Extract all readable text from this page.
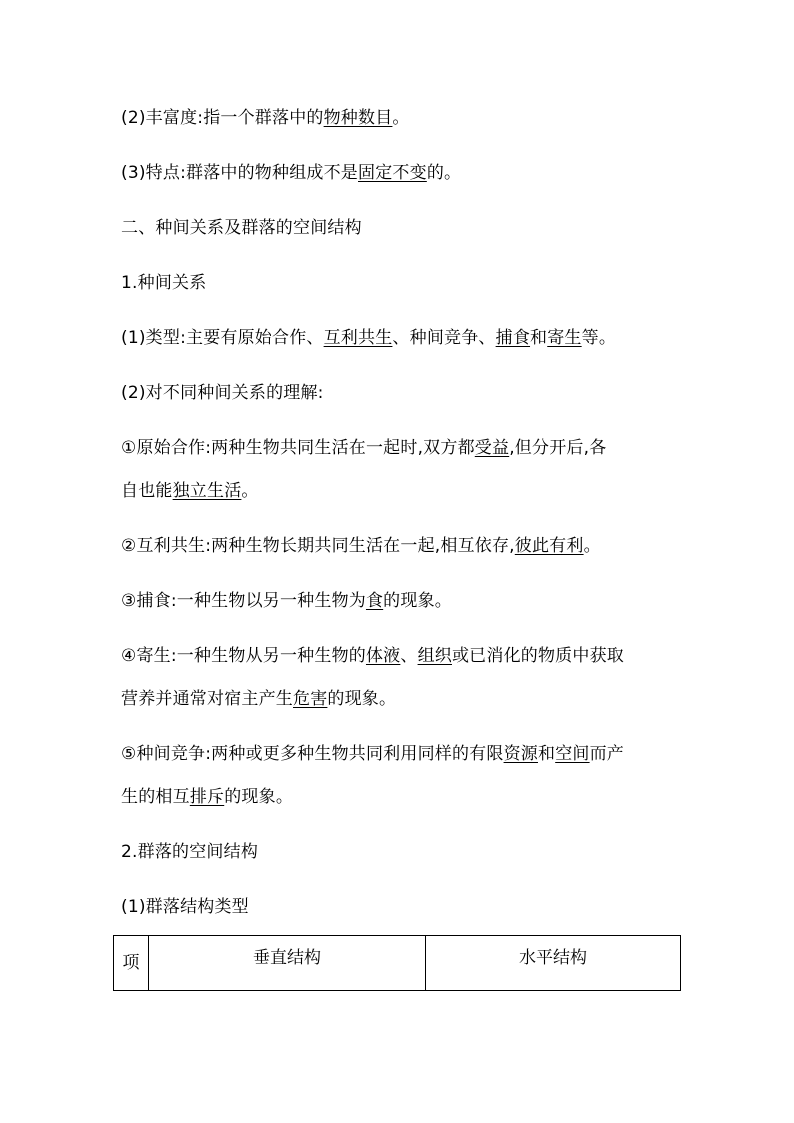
(2)丰富度:指一个群落中的物种数目。
(3)特点:群落中的物种组成不是固定不变的。
二、种间关系及群落的空间结构
1.种间关系
(1)类型:主要有原始合作、互利共生、种间竞争、捕食和寄生等。
(2)对不同种间关系的理解:
①原始合作:两种生物共同生活在一起时,双方都受益,但分开后,各
自也能独立生活。
②互利共生:两种生物长期共同生活在一起,相互依存,彼此有利。
③捕食:一种生物以另一种生物为食的现象。
④寄生:一种生物从另一种生物的体液、组织或已消化的物质中获取
营养并通常对宿主产生危害的现象。
⑤种间竞争:两种或更多种生物共同利用同样的有限资源和空间而产
生的相互排斥的现象。
2.群落的空间结构
(1)群落结构类型
项	垂直结构	水平结构
